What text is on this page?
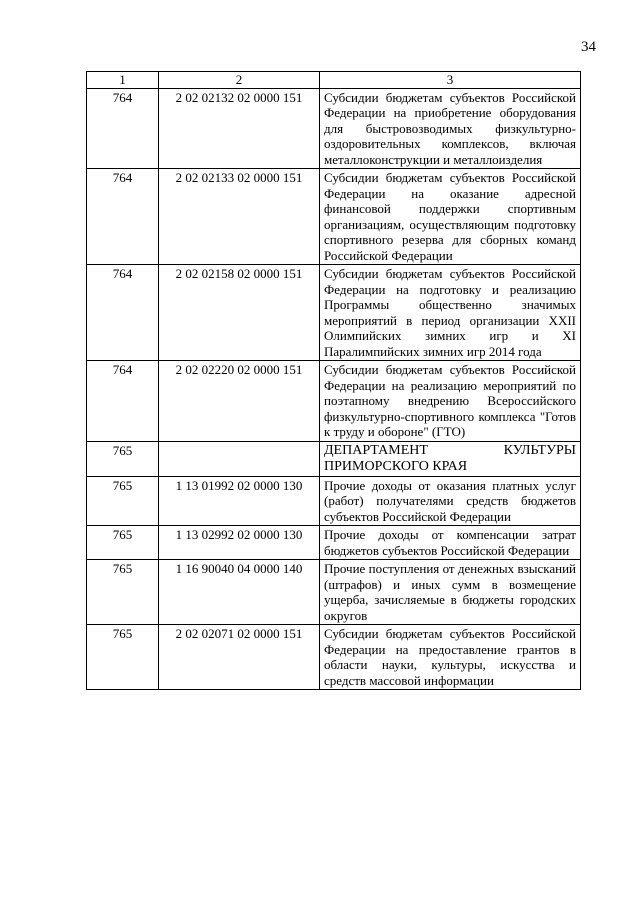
34
1	2	3
764	2 02 02132 02 0000 151	Субсидии бюджетам субъектов Российской Федерации на приобретение оборудования для быстровозводимых физкультурно-оздоровительных комплексов, включая металлоконструкции и металлоизделия
764	2 02 02133 02 0000 151	Субсидии бюджетам субъектов Российской Федерации на оказание адресной финансовой поддержки спортивным организациям, осуществляющим подготовку спортивного резерва для сборных команд Российской Федерации
764	2 02 02158 02 0000 151	Субсидии бюджетам субъектов Российской Федерации на подготовку и реализацию Программы общественно значимых мероприятий в период организации XXII Олимпийских зимних игр и XI Паралимпийских зимних игр 2014 года
764	2 02 02220 02 0000 151	Субсидии бюджетам субъектов Российской Федерации на реализацию мероприятий по поэтапному внедрению Всероссийского физкультурно-спортивного комплекса "Готов к труду и обороне" (ГТО)
765		ДЕПАРТАМЕНТ КУЛЬТУРЫ ПРИМОРСКОГО КРАЯ
765	1 13 01992 02 0000 130	Прочие доходы от оказания платных услуг (работ) получателями средств бюджетов субъектов Российской Федерации
765	1 13 02992 02 0000 130	Прочие доходы от компенсации затрат бюджетов субъектов Российской Федерации
765	1 16 90040 04 0000 140	Прочие поступления от денежных взысканий (штрафов) и иных сумм в возмещение ущерба, зачисляемые в бюджеты городских округов
765	2 02 02071 02 0000 151	Субсидии бюджетам субъектов Российской Федерации на предоставление грантов в области науки, культуры, искусства и средств массовой информации
